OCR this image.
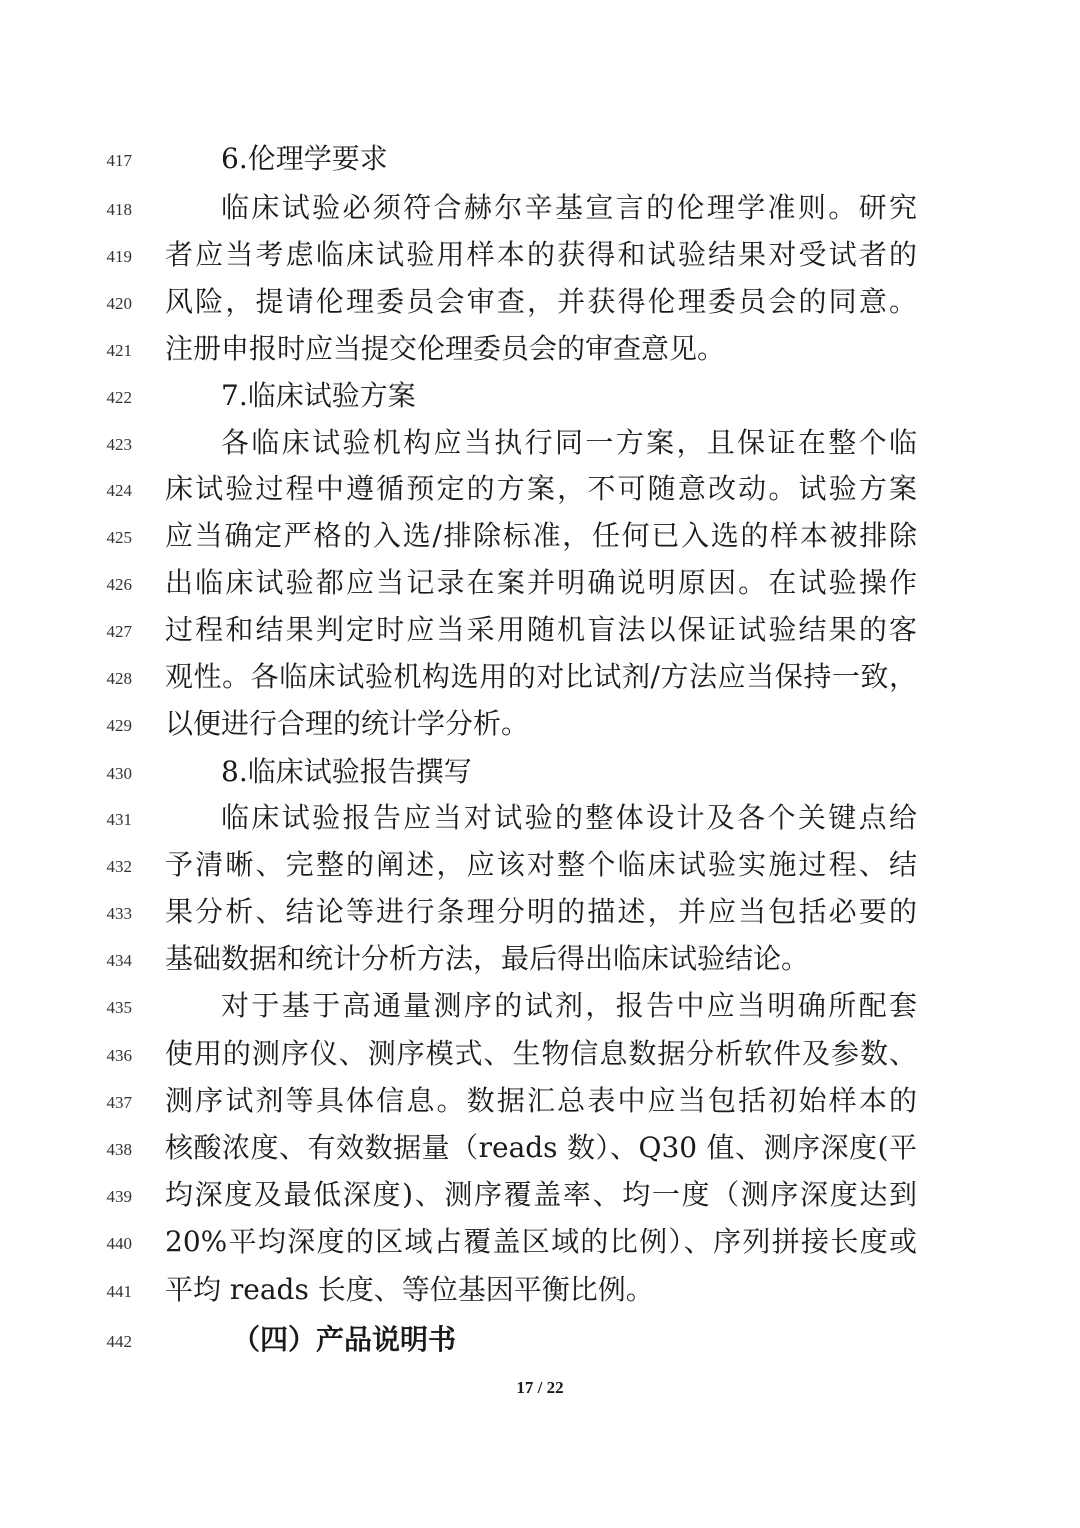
417	6.伦理学要求
418	临床试验必须符合赫尔辛基宣言的伦理学准则。研究
419 者应当考虑临床试验用样本的获得和试验结果对受试者的
420 风险，提请伦理委员会审查，并获得伦理委员会的同意。
421 注册申报时应当提交伦理委员会的审查意见。
422	7.临床试验方案
423	各临床试验机构应当执行同一方案，且保证在整个临
424 床试验过程中遵循预定的方案，不可随意改动。试验方案
425 应当确定严格的入选/排除标准，任何已入选的样本被排除
426 出临床试验都应当记录在案并明确说明原因。在试验操作
427 过程和结果判定时应当采用随机盲法以保证试验结果的客
428 观性。各临床试验机构选用的对比试剂/方法应当保持一致，
429 以便进行合理的统计学分析。
430	8.临床试验报告撰写
431	临床试验报告应当对试验的整体设计及各个关键点给
432 予清晰、完整的阐述，应该对整个临床试验实施过程、结
433 果分析、结论等进行条理分明的描述，并应当包括必要的
434 基础数据和统计分析方法，最后得出临床试验结论。
435	对于基于高通量测序的试剂，报告中应当明确所配套
436 使用的测序仪、测序模式、生物信息数据分析软件及参数、
437 测序试剂等具体信息。数据汇总表中应当包括初始样本的
438 核酸浓度、有效数据量（reads 数）、Q30 值、测序深度(平
439 均深度及最低深度)、测序覆盖率、均一度（测序深度达到
440 20%平均深度的区域占覆盖区域的比例）、序列拼接长度或
441 平均 reads 长度、等位基因平衡比例。
442	（四）产品说明书
17 / 22
